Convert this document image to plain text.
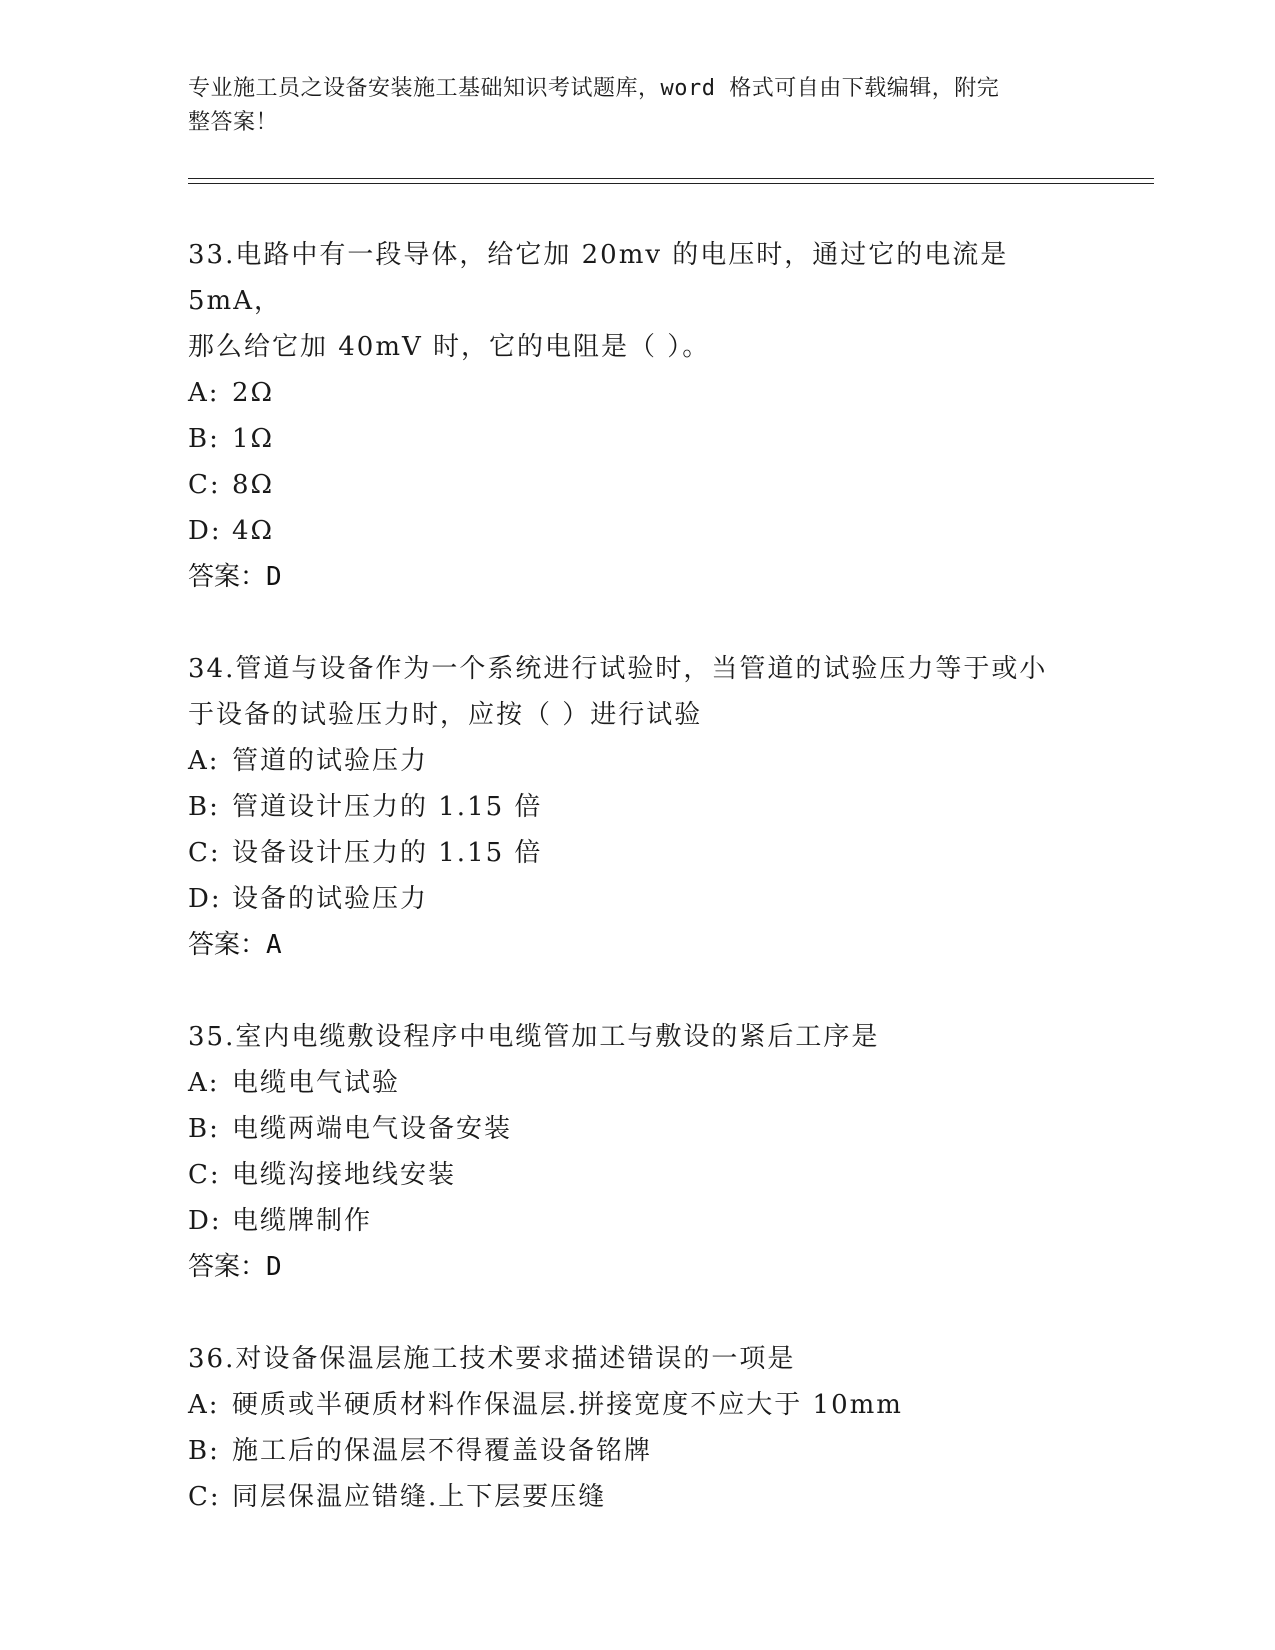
专业施工员之设备安装施工基础知识考试题库，word 格式可自由下载编辑，附完
整答案！
33.电路中有一段导体，给它加 20mv 的电压时，通过它的电流是 5mA，
那么给它加 40mV 时，它的电阻是（ ）。
A: 2Ω
B: 1Ω
C: 8Ω
D: 4Ω
答案：D
34.管道与设备作为一个系统进行试验时，当管道的试验压力等于或小
于设备的试验压力时，应按（ ）进行试验
A: 管道的试验压力
B: 管道设计压力的 1.15 倍
C: 设备设计压力的 1.15 倍
D: 设备的试验压力
答案：A
35.室内电缆敷设程序中电缆管加工与敷设的紧后工序是
A: 电缆电气试验
B: 电缆两端电气设备安装
C: 电缆沟接地线安装
D: 电缆牌制作
答案：D
36.对设备保温层施工技术要求描述错误的一项是
A: 硬质或半硬质材料作保温层.拼接宽度不应大于 10mm
B: 施工后的保温层不得覆盖设备铭牌
C: 同层保温应错缝.上下层要压缝
